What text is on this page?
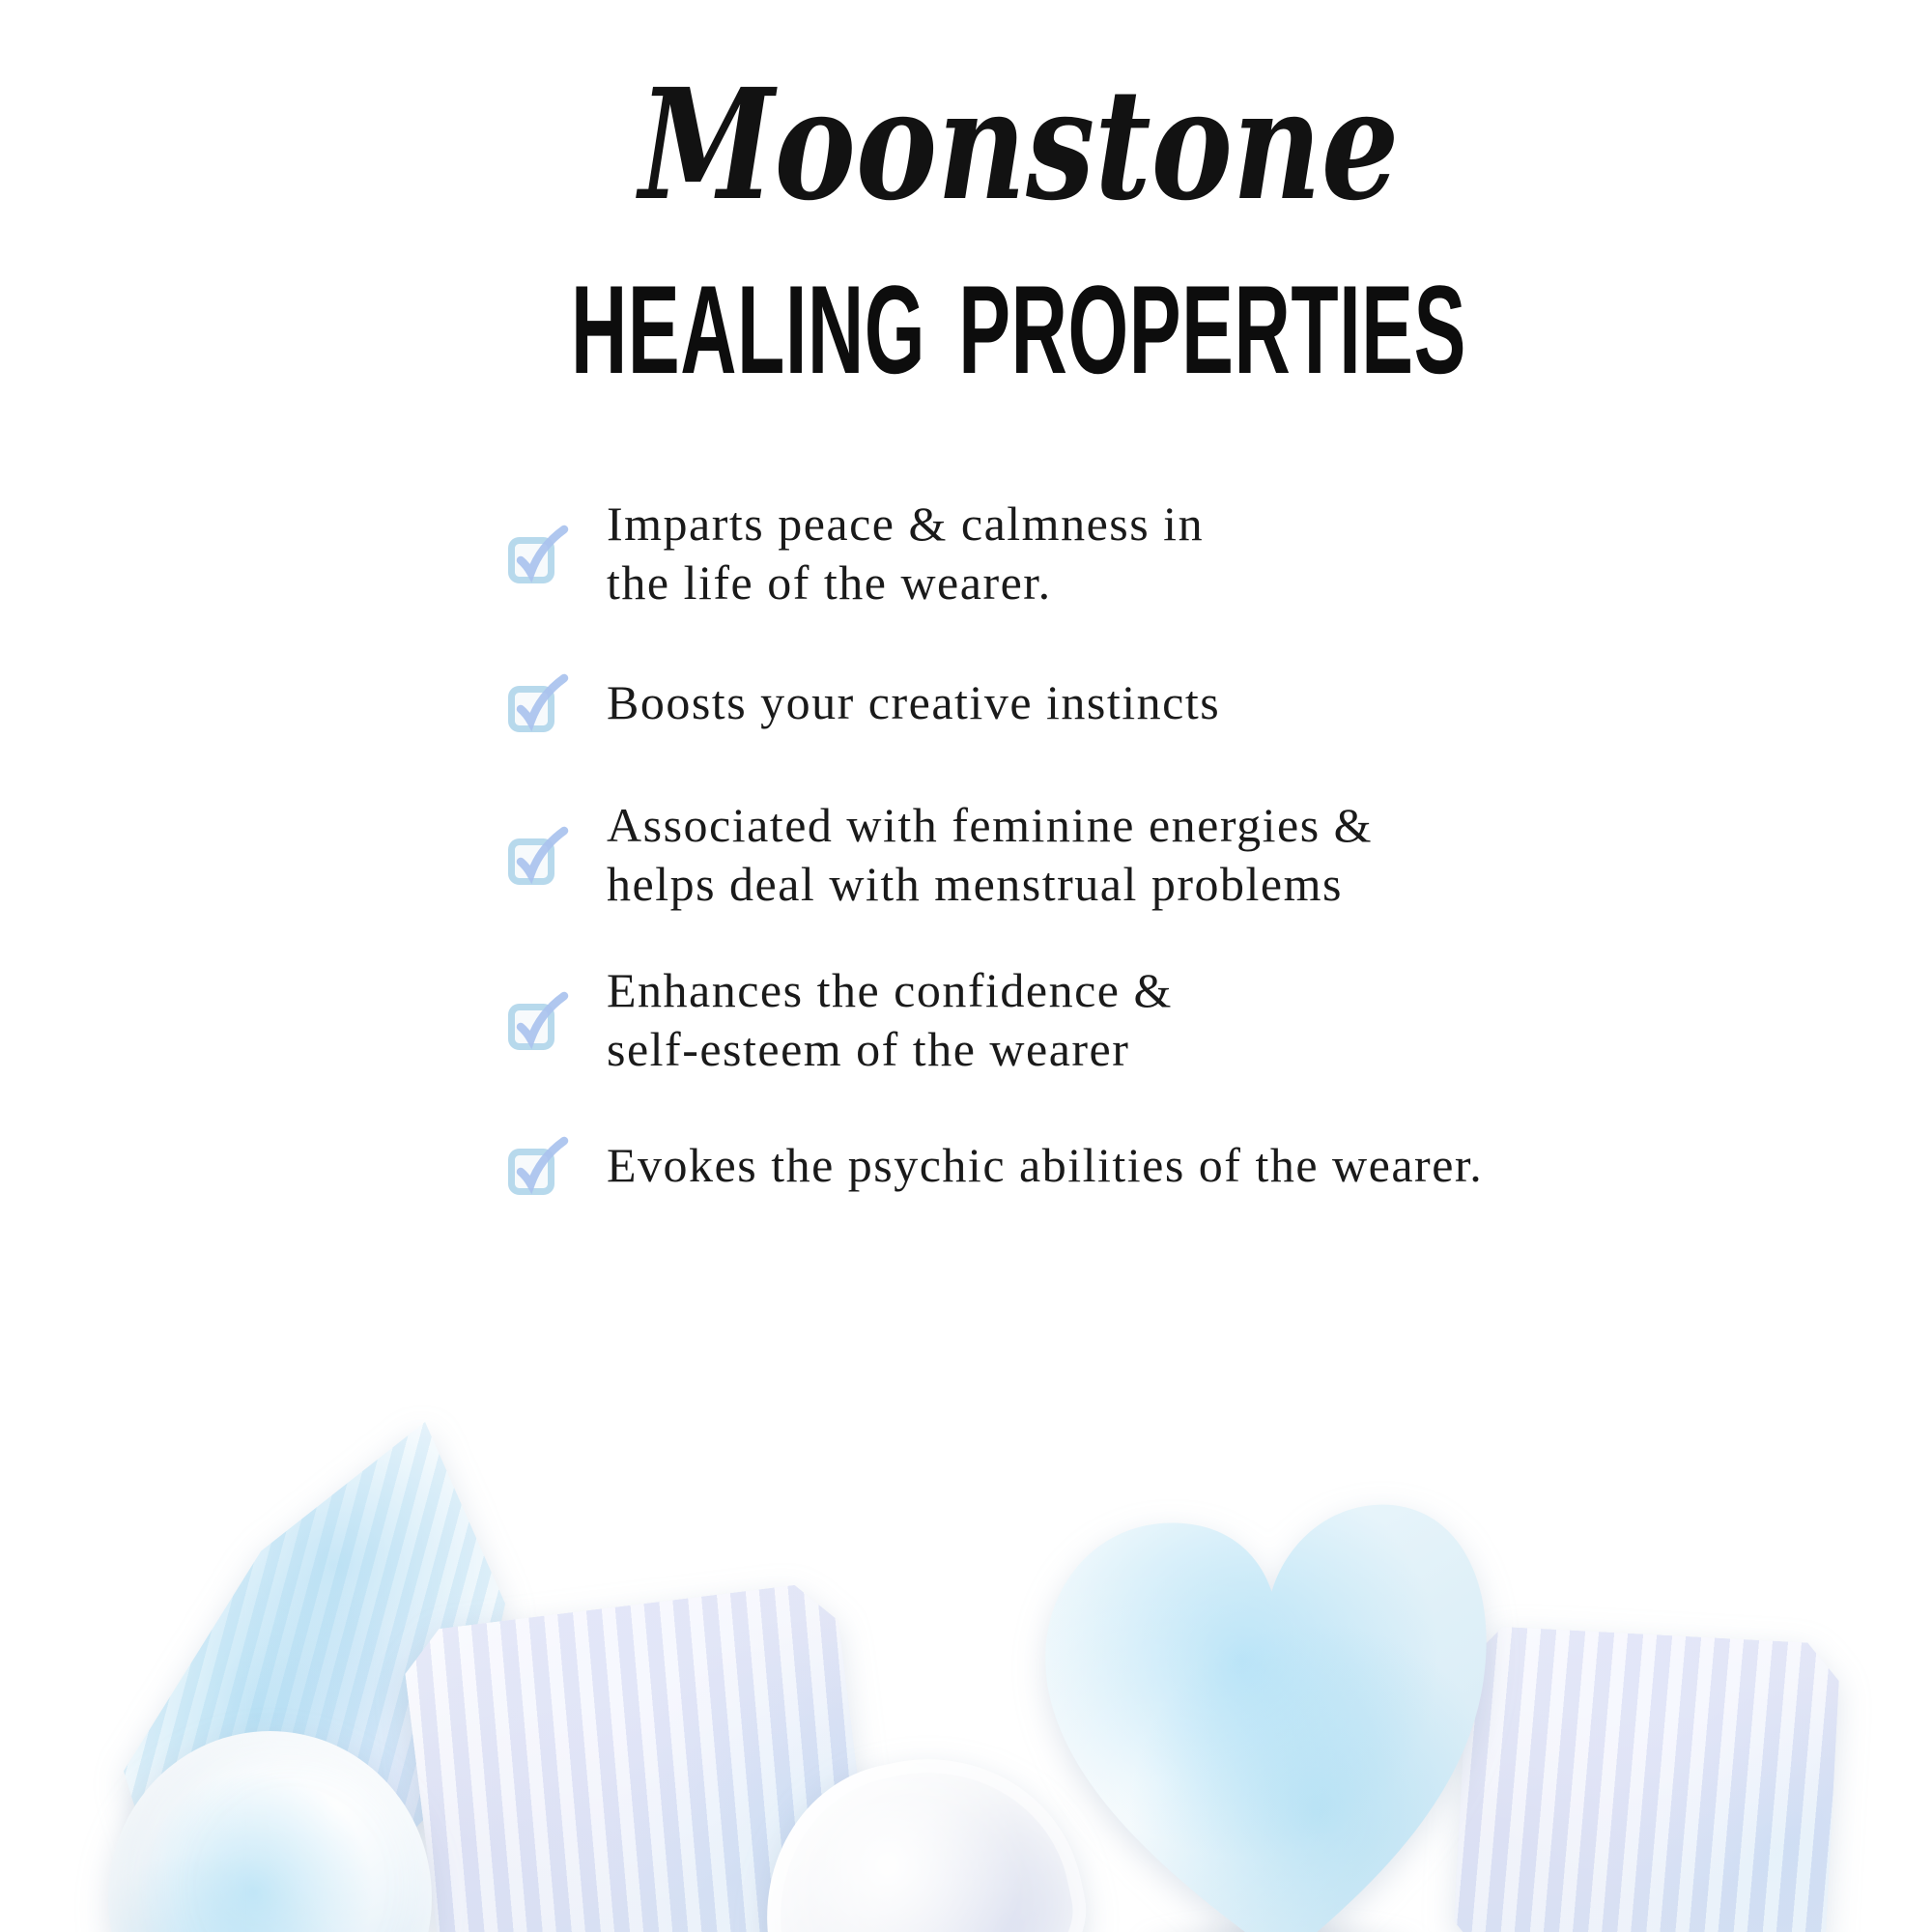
Moonstone
HEALING PROPERTIES
Imparts peace & calmness in
the life of the wearer.
Boosts your creative instincts
Associated with feminine energies &
helps deal with menstrual problems
Enhances the confidence &
self-esteem of the wearer
Evokes the psychic abilities of the wearer.
